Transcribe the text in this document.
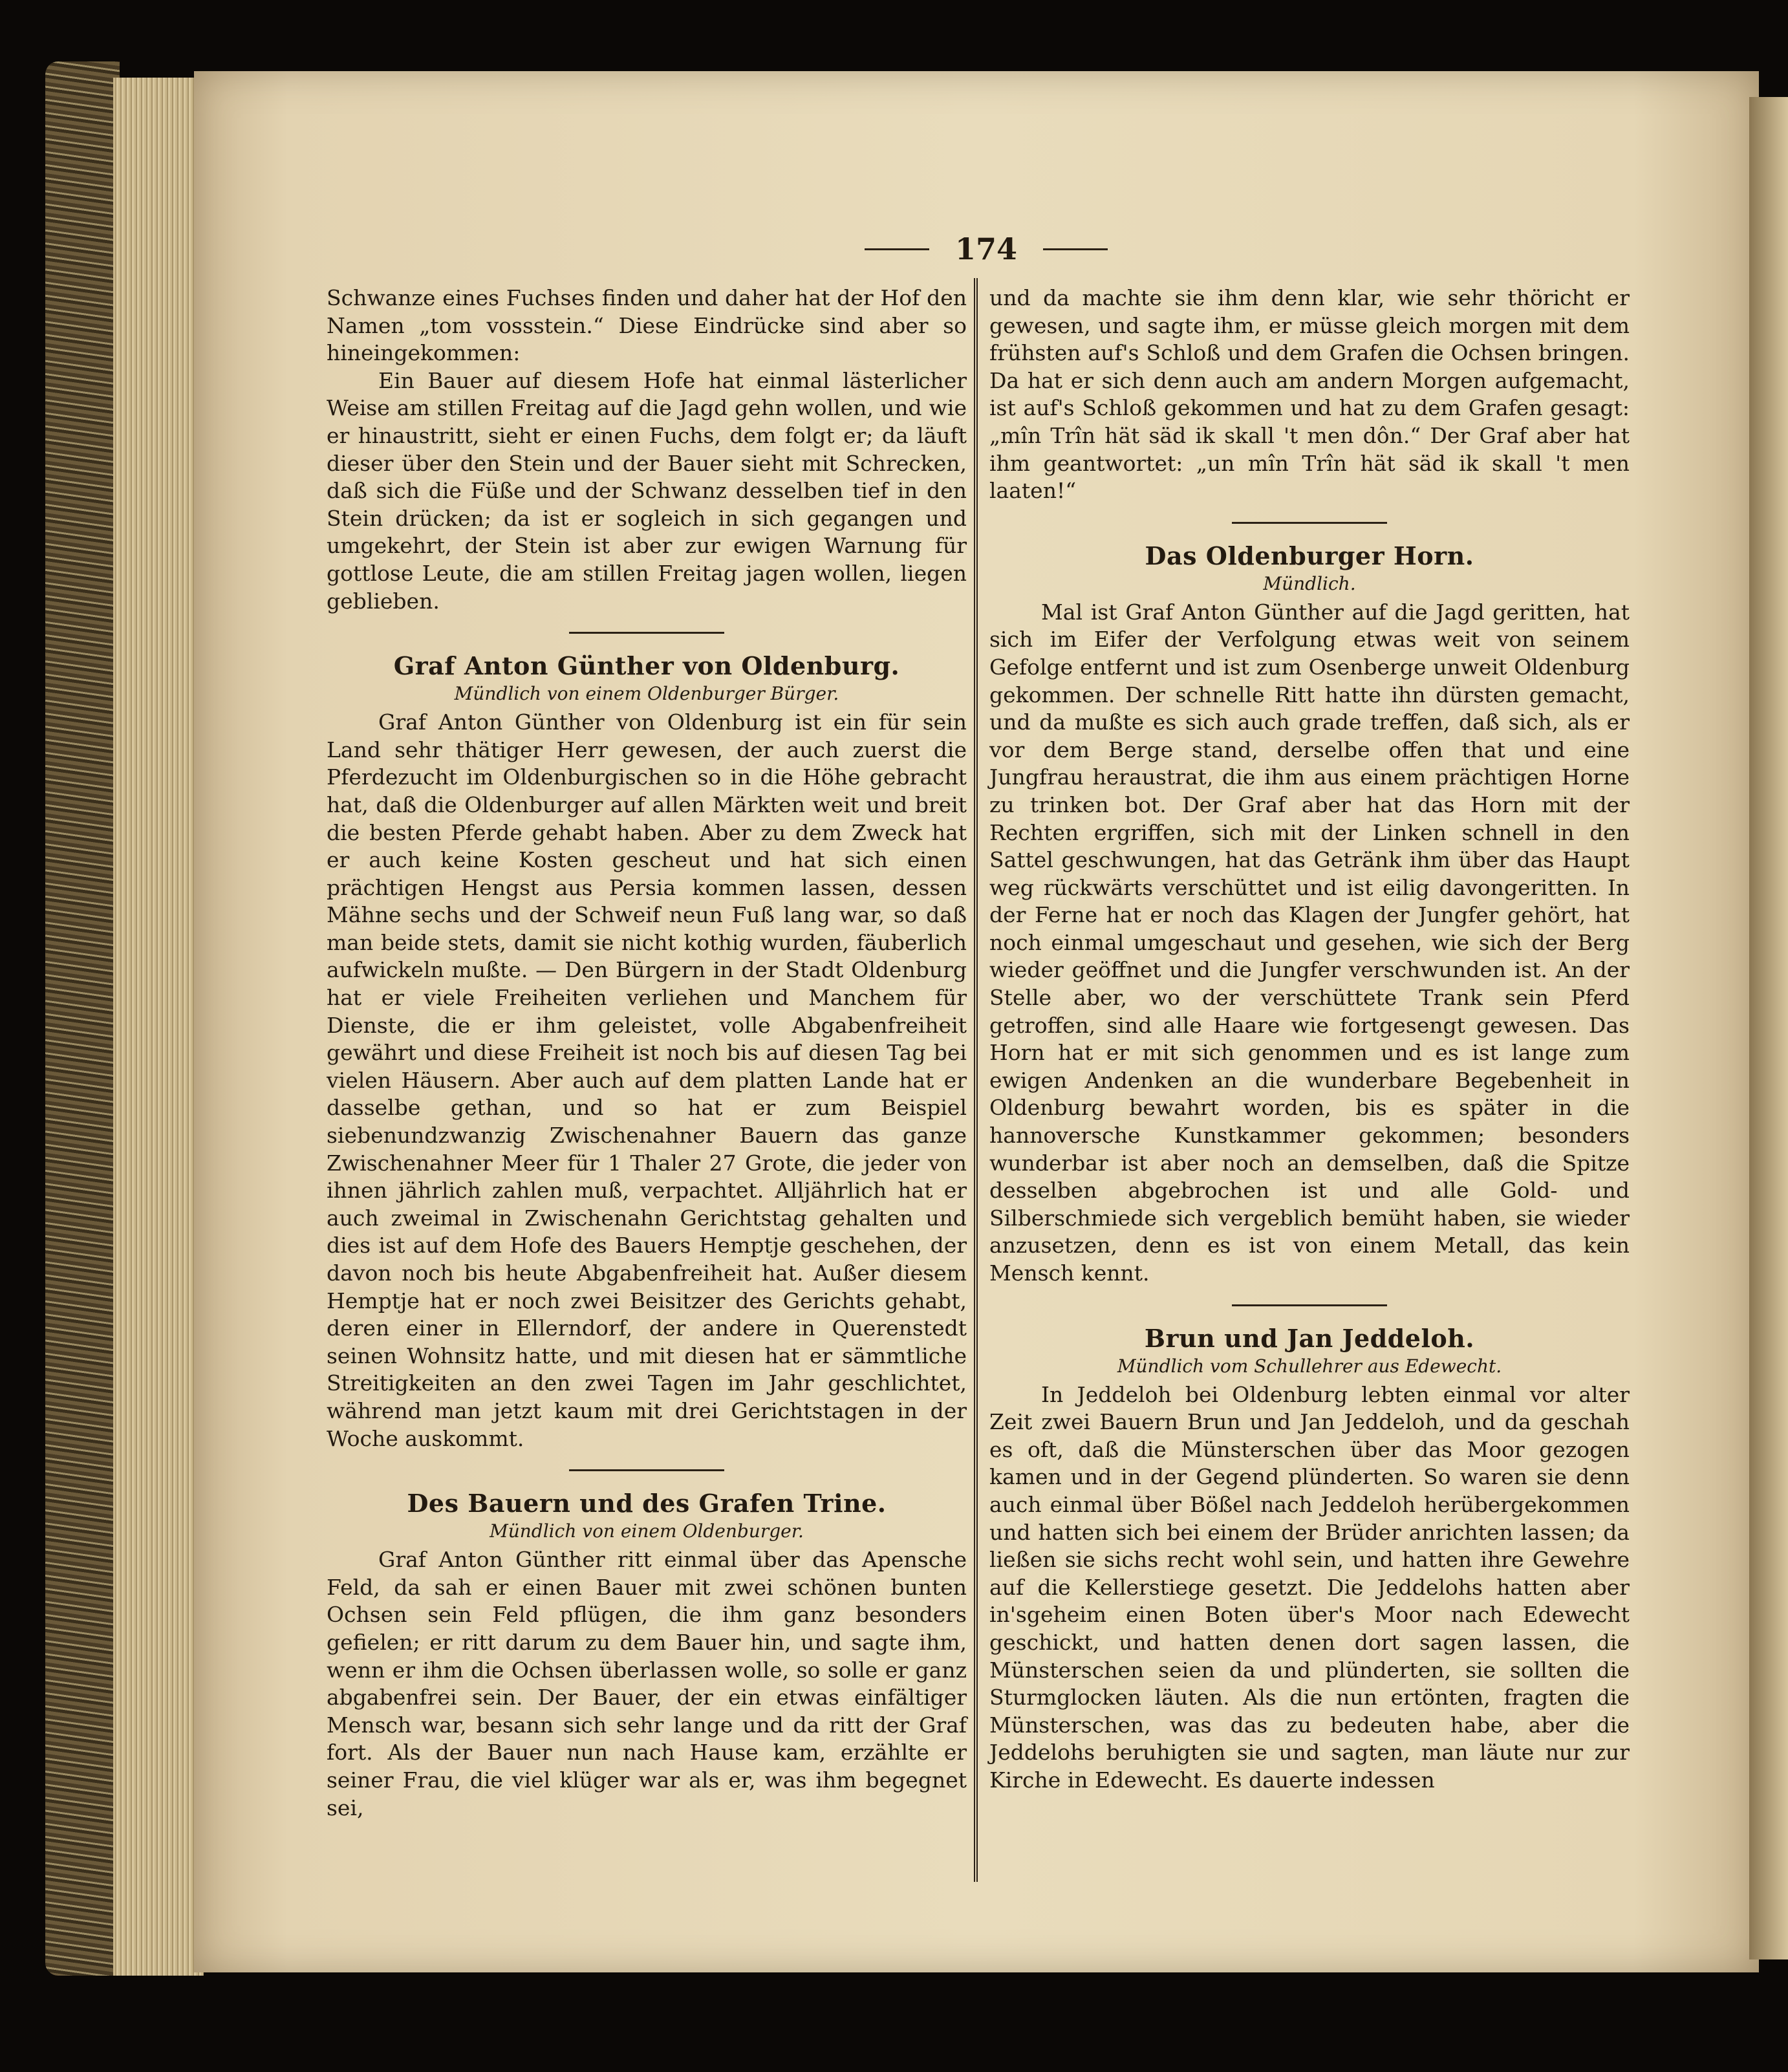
174

Schwanze eines Fuchses finden und daher hat der Hof den Namen „tom vossstein.“ Diese Eindrücke sind aber so hineingekommen:

Ein Bauer auf diesem Hofe hat einmal lästerlicher Weise am stillen Freitag auf die Jagd gehn wollen, und wie er hinaustritt, sieht er einen Fuchs, dem folgt er; da läuft dieser über den Stein und der Bauer sieht mit Schrecken, daß sich die Füße und der Schwanz desselben tief in den Stein drücken; da ist er sogleich in sich gegangen und umgekehrt, der Stein ist aber zur ewigen Warnung für gottlose Leute, die am stillen Freitag jagen wollen, liegen geblieben.

Graf Anton Günther von Oldenburg.
Mündlich von einem Oldenburger Bürger.

Graf Anton Günther von Oldenburg ist ein für sein Land sehr thätiger Herr gewesen, der auch zuerst die Pferdezucht im Oldenburgischen so in die Höhe gebracht hat, daß die Oldenburger auf allen Märkten weit und breit die besten Pferde gehabt haben. Aber zu dem Zweck hat er auch keine Kosten gescheut und hat sich einen prächtigen Hengst aus Persia kommen lassen, dessen Mähne sechs und der Schweif neun Fuß lang war, so daß man beide stets, damit sie nicht kothig wurden, fäuberlich aufwickeln mußte. — Den Bürgern in der Stadt Oldenburg hat er viele Freiheiten verliehen und Manchem für Dienste, die er ihm geleistet, volle Abgabenfreiheit gewährt und diese Freiheit ist noch bis auf diesen Tag bei vielen Häusern. Aber auch auf dem platten Lande hat er dasselbe gethan, und so hat er zum Beispiel siebenundzwanzig Zwischenahner Bauern das ganze Zwischenahner Meer für 1 Thaler 27 Grote, die jeder von ihnen jährlich zahlen muß, verpachtet. Alljährlich hat er auch zweimal in Zwischenahn Gerichtstag gehalten und dies ist auf dem Hofe des Bauers Hemptje geschehen, der davon noch bis heute Abgabenfreiheit hat. Außer diesem Hemptje hat er noch zwei Beisitzer des Gerichts gehabt, deren einer in Ellerndorf, der andere in Querenstedt seinen Wohnsitz hatte, und mit diesen hat er sämmtliche Streitigkeiten an den zwei Tagen im Jahr geschlichtet, während man jetzt kaum mit drei Gerichtstagen in der Woche auskommt.

Des Bauern und des Grafen Trine.
Mündlich von einem Oldenburger.

Graf Anton Günther ritt einmal über das Apensche Feld, da sah er einen Bauer mit zwei schönen bunten Ochsen sein Feld pflügen, die ihm ganz besonders gefielen; er ritt darum zu dem Bauer hin, und sagte ihm, wenn er ihm die Ochsen überlassen wolle, so solle er ganz abgabenfrei sein. Der Bauer, der ein etwas einfältiger Mensch war, besann sich sehr lange und da ritt der Graf fort. Als der Bauer nun nach Hause kam, erzählte er seiner Frau, die viel klüger war als er, was ihm begegnet sei,

und da machte sie ihm denn klar, wie sehr thöricht er gewesen, und sagte ihm, er müsse gleich morgen mit dem frühsten auf's Schloß und dem Grafen die Ochsen bringen. Da hat er sich denn auch am andern Morgen aufgemacht, ist auf's Schloß gekommen und hat zu dem Grafen gesagt: „mîn Trîn hät säd ik skall 't men dôn.“ Der Graf aber hat ihm geantwortet: „un mîn Trîn hät säd ik skall 't men laaten!“

Das Oldenburger Horn.
Mündlich.

Mal ist Graf Anton Günther auf die Jagd geritten, hat sich im Eifer der Verfolgung etwas weit von seinem Gefolge entfernt und ist zum Osenberge unweit Oldenburg gekommen. Der schnelle Ritt hatte ihn dürsten gemacht, und da mußte es sich auch grade treffen, daß sich, als er vor dem Berge stand, derselbe offen that und eine Jungfrau heraustrat, die ihm aus einem prächtigen Horne zu trinken bot. Der Graf aber hat das Horn mit der Rechten ergriffen, sich mit der Linken schnell in den Sattel geschwungen, hat das Getränk ihm über das Haupt weg rückwärts verschüttet und ist eilig davongeritten. In der Ferne hat er noch das Klagen der Jungfer gehört, hat noch einmal umgeschaut und gesehen, wie sich der Berg wieder geöffnet und die Jungfer verschwunden ist. An der Stelle aber, wo der verschüttete Trank sein Pferd getroffen, sind alle Haare wie fortgesengt gewesen. Das Horn hat er mit sich genommen und es ist lange zum ewigen Andenken an die wunderbare Begebenheit in Oldenburg bewahrt worden, bis es später in die hannoversche Kunstkammer gekommen; besonders wunderbar ist aber noch an demselben, daß die Spitze desselben abgebrochen ist und alle Gold- und Silberschmiede sich vergeblich bemüht haben, sie wieder anzusetzen, denn es ist von einem Metall, das kein Mensch kennt.

Brun und Jan Jeddeloh.
Mündlich vom Schullehrer aus Edewecht.

In Jeddeloh bei Oldenburg lebten einmal vor alter Zeit zwei Bauern Brun und Jan Jeddeloh, und da geschah es oft, daß die Münsterschen über das Moor gezogen kamen und in der Gegend plünderten. So waren sie denn auch einmal über Bößel nach Jeddeloh herübergekommen und hatten sich bei einem der Brüder anrichten lassen; da ließen sie sichs recht wohl sein, und hatten ihre Gewehre auf die Kellerstiege gesetzt. Die Jeddelohs hatten aber in'sgeheim einen Boten über's Moor nach Edewecht geschickt, und hatten denen dort sagen lassen, die Münsterschen seien da und plünderten, sie sollten die Sturmglocken läuten. Als die nun ertönten, fragten die Münsterschen, was das zu bedeuten habe, aber die Jeddelohs beruhigten sie und sagten, man läute nur zur Kirche in Edewecht. Es dauerte indessen
